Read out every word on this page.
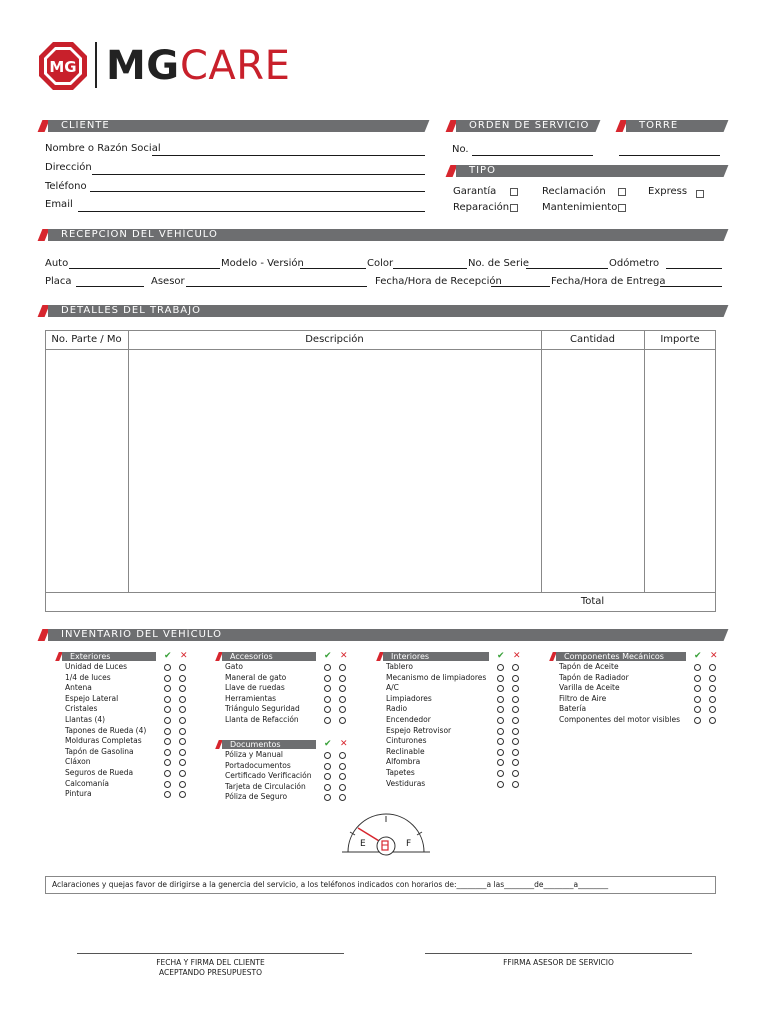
MG MG CARE
CLIENTE	ORDEN DE SERVICIO	TORRE
Nombre o Razón Social
Dirección
Teléfono
Email
No.
TIPO
Garantía	Reclamación	Express
Reparación	Mantenimiento
RECEPCIÓN DEL VEHÍCULO
Auto	Modelo - Versión	Color	No. de Serie	Odómetro
Placa	Asesor	Fecha/Hora de Recepción	Fecha/Hora de Entrega
DETALLES DEL TRABAJO
No. Parte / Mo	Descripción	Cantidad	Importe
Total
INVENTARIO DEL VEHÍCULO
Exteriores	✔ ✕
Unidad de Luces
1/4 de luces
Antena
Espejo Lateral
Cristales
Llantas (4)
Tapones de Rueda (4)
Molduras Completas
Tapón de Gasolina
Cláxon
Seguros de Rueda
Calcomanía
Pintura
Accesorios	✔ ✕
Gato
Maneral de gato
Llave de ruedas
Herramientas
Triángulo Seguridad
Llanta de Refacción
Documentos	✔ ✕
Póliza y Manual
Portadocumentos
Certificado Verificación
Tarjeta de Circulación
Póliza de Seguro
Interiores	✔ ✕
Tablero
Mecanismo de limpiadores
A/C
Limpiadores
Radio
Encendedor
Espejo Retrovisor
Cinturones
Reclinable
Alfombra
Tapetes
Vestiduras
Componentes Mecánicos	✔ ✕
Tapón de Aceite
Tapón de Radiador
Varilla de Aceite
Filtro de Aire
Batería
Componentes del motor visibles
E	F
Aclaraciones y quejas favor de dirigirse a la genercia del servicio, a los teléfonos indicados con horarios de:________a las________de________a________
FECHA Y FIRMA DEL CLIENTE
ACEPTANDO PRESUPUESTO
FFIRMA ASESOR DE SERVICIO
